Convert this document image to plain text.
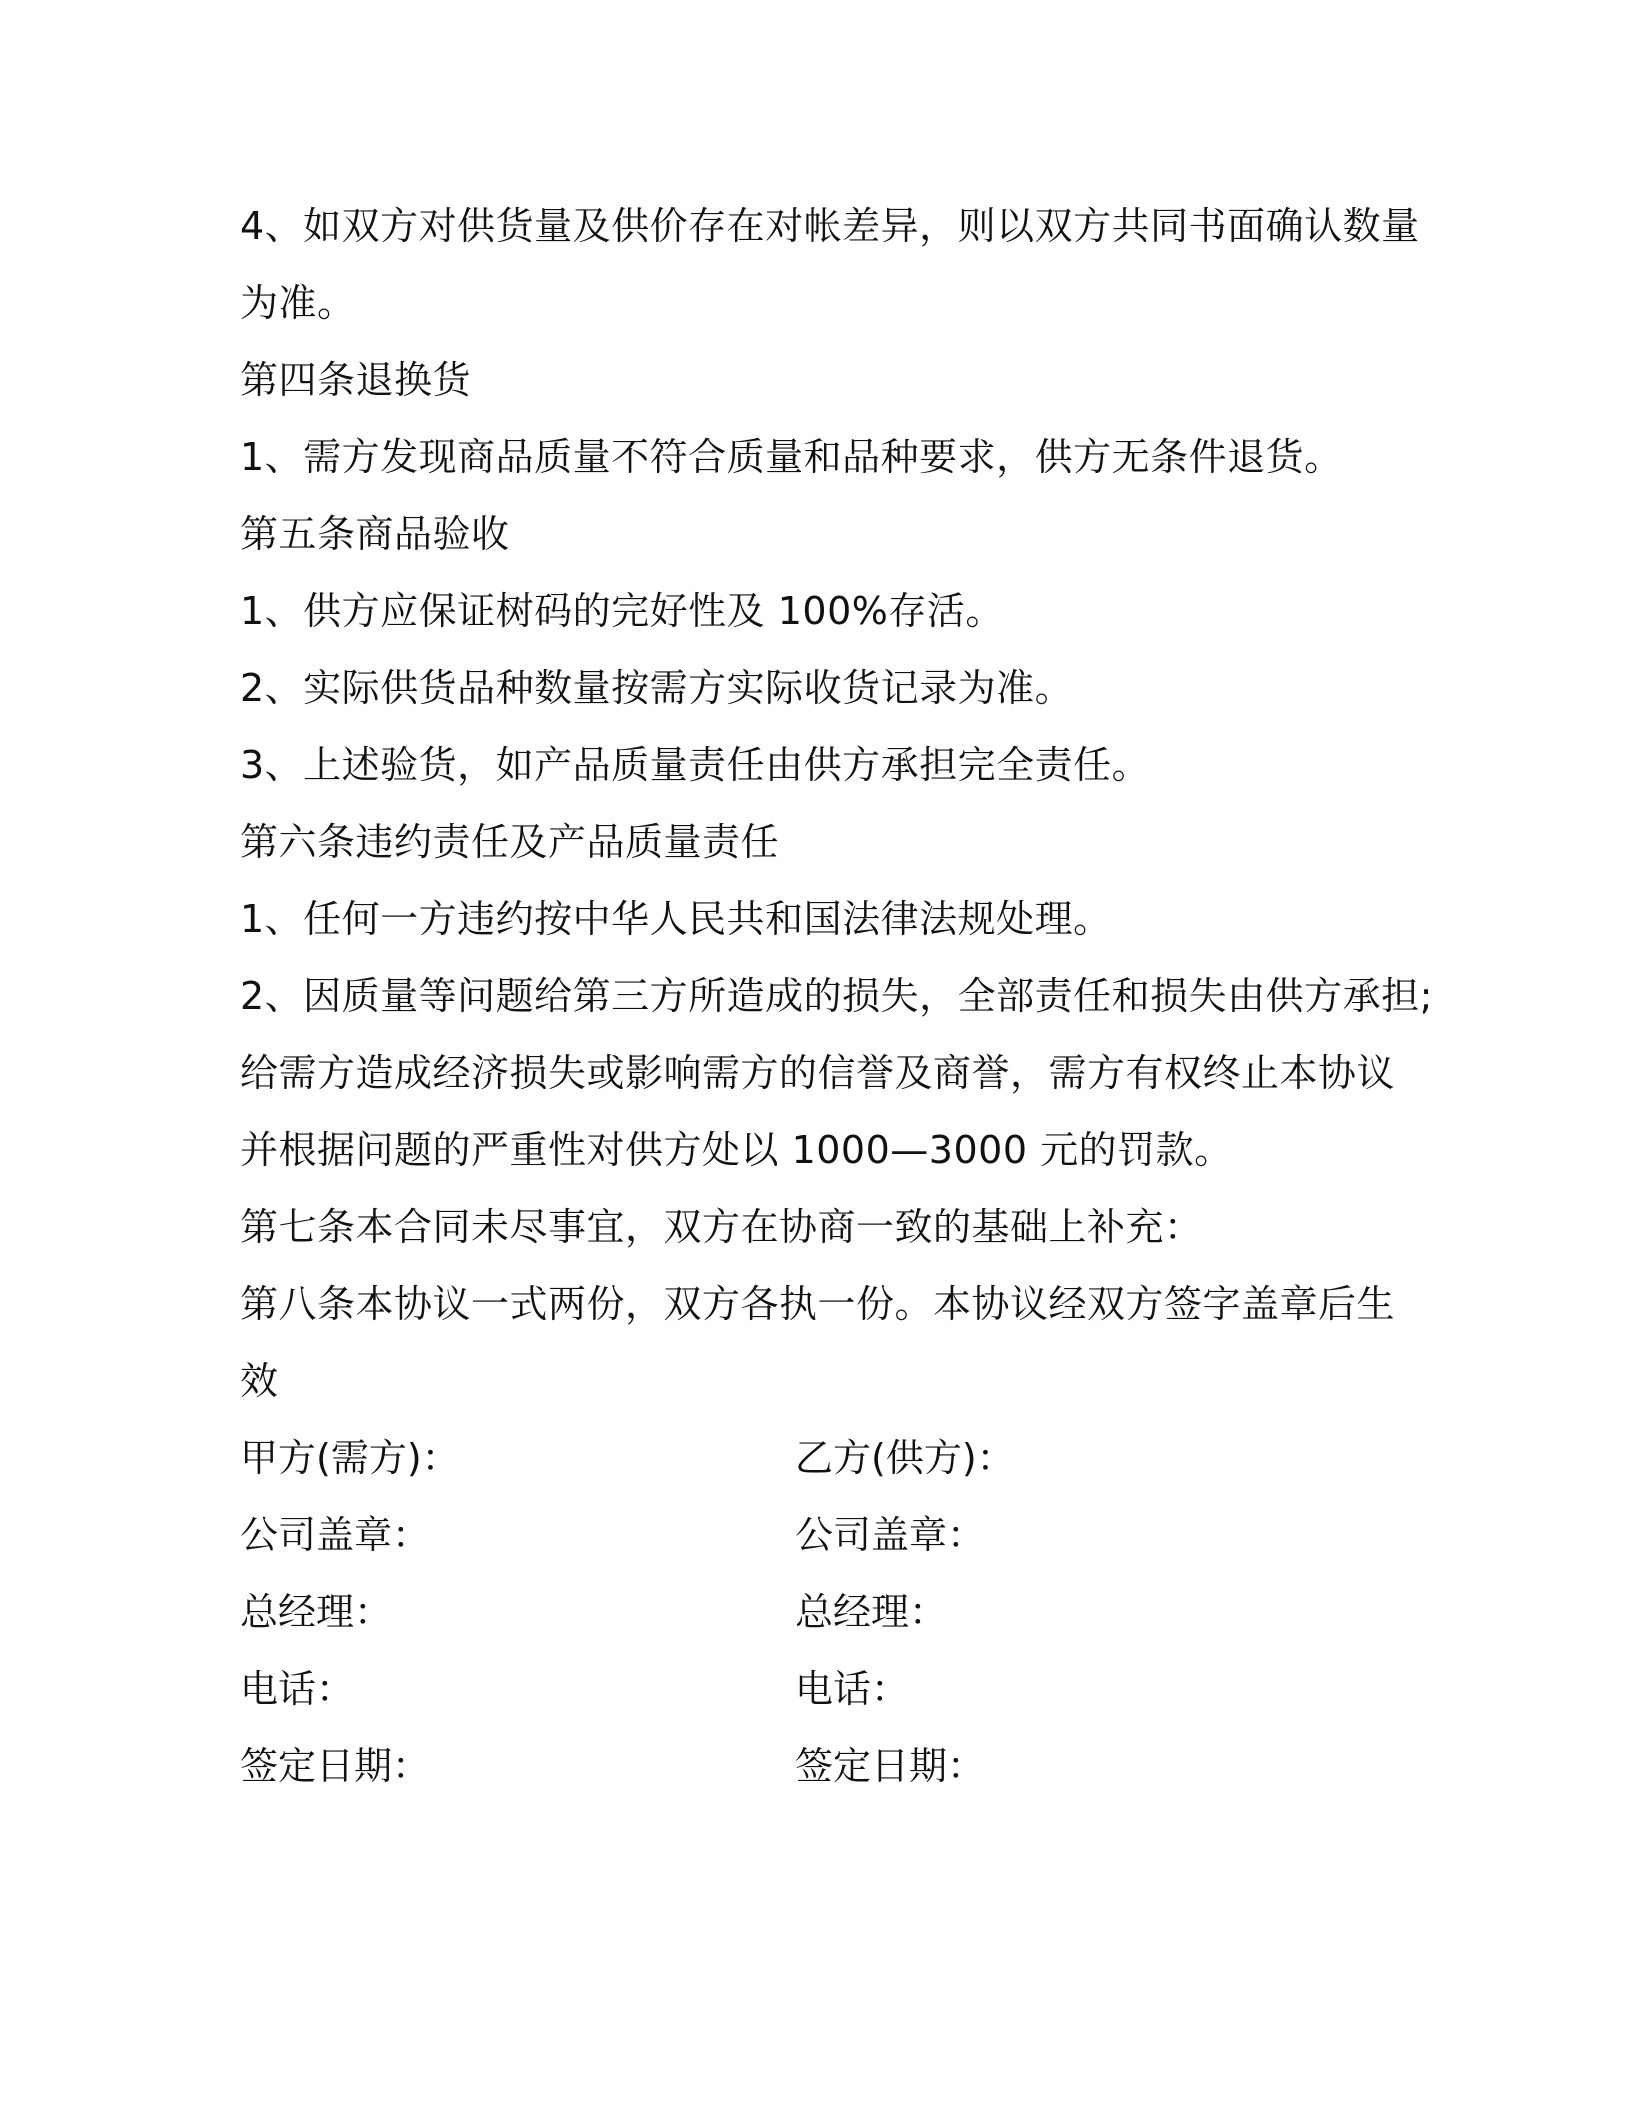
4、如双方对供货量及供价存在对帐差异，则以双方共同书面确认数量
为准。
第四条退换货
1、需方发现商品质量不符合质量和品种要求，供方无条件退货。
第五条商品验收
1、供方应保证树码的完好性及 100%存活。
2、实际供货品种数量按需方实际收货记录为准。
3、上述验货，如产品质量责任由供方承担完全责任。
第六条违约责任及产品质量责任
1、任何一方违约按中华人民共和国法律法规处理。
2、因质量等问题给第三方所造成的损失，全部责任和损失由供方承担;
给需方造成经济损失或影响需方的信誉及商誉，需方有权终止本协议
并根据问题的严重性对供方处以 1000—3000 元的罚款。
第七条本合同未尽事宜，双方在协商一致的基础上补充：
第八条本协议一式两份，双方各执一份。本协议经双方签字盖章后生
效
甲方(需方)：	乙方(供方)：
公司盖章：	公司盖章：
总经理：	总经理：
电话：	电话：
签定日期：	签定日期：
